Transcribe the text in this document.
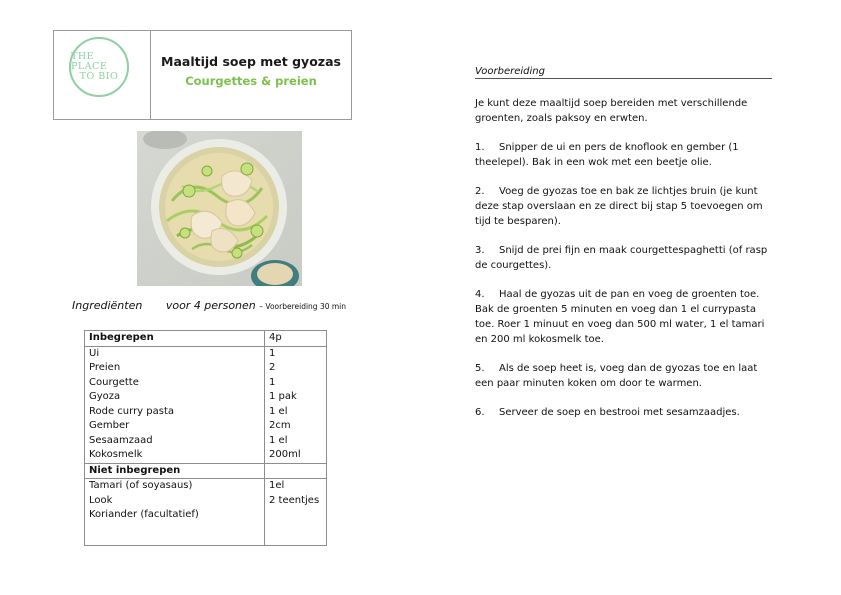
THE PLACE
TO BIO
Maaltijd soep met gyozas
Courgettes & preien
Ingrediënten voor 4 personen – Voorbereiding 30 min
Inbegrepen	4p
Ui	1
Preien	2
Courgette	1
Gyoza	1 pak
Rode curry pasta	1 el
Gember	2cm
Sesaamzaad	1 el
Kokosmelk	200ml
Niet inbegrepen	
Tamari (of soyasaus)	1el
Look	2 teentjes
Koriander (facultatief)	

Voorbereiding

Je kunt deze maaltijd soep bereiden met verschillende groenten, zoals paksoy en erwten.

1. Snipper de ui en pers de knoflook en gember (1 theelepel). Bak in een wok met een beetje olie.

2. Voeg de gyozas toe en bak ze lichtjes bruin (je kunt deze stap overslaan en ze direct bij stap 5 toevoegen om tijd te besparen).

3. Snijd de prei fijn en maak courgettespaghetti (of rasp de courgettes).

4. Haal de gyozas uit de pan en voeg de groenten toe. Bak de groenten 5 minuten en voeg dan 1 el currypasta toe. Roer 1 minuut en voeg dan 500 ml water, 1 el tamari en 200 ml kokosmelk toe.

5. Als de soep heet is, voeg dan de gyozas toe en laat een paar minuten koken om door te warmen.

6. Serveer de soep en bestrooi met sesamzaadjes.
